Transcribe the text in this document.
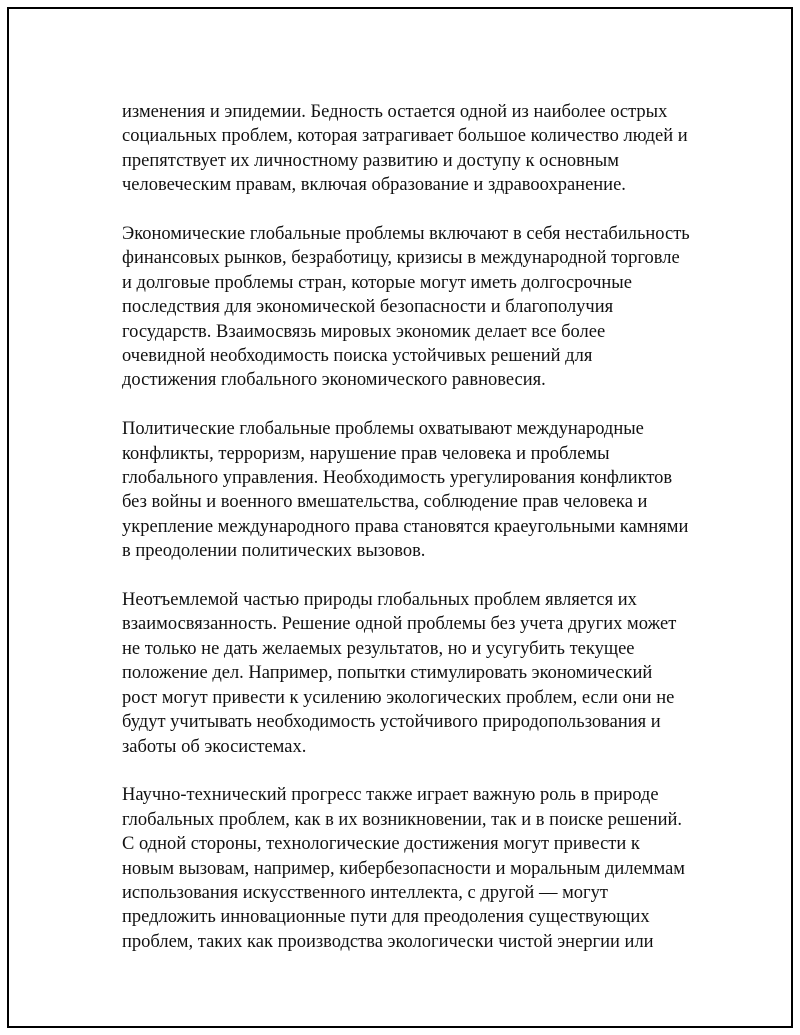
изменения и эпидемии. Бедность остается одной из наиболее острых
социальных проблем, которая затрагивает большое количество людей и
препятствует их личностному развитию и доступу к основным
человеческим правам, включая образование и здравоохранение.

Экономические глобальные проблемы включают в себя нестабильность
финансовых рынков, безработицу, кризисы в международной торговле
и долговые проблемы стран, которые могут иметь долгосрочные
последствия для экономической безопасности и благополучия
государств. Взаимосвязь мировых экономик делает все более
очевидной необходимость поиска устойчивых решений для
достижения глобального экономического равновесия.

Политические глобальные проблемы охватывают международные
конфликты, терроризм, нарушение прав человека и проблемы
глобального управления. Необходимость урегулирования конфликтов
без войны и военного вмешательства, соблюдение прав человека и
укрепление международного права становятся краеугольными камнями
в преодолении политических вызовов.

Неотъемлемой частью природы глобальных проблем является их
взаимосвязанность. Решение одной проблемы без учета других может
не только не дать желаемых результатов, но и усугубить текущее
положение дел. Например, попытки стимулировать экономический
рост могут привести к усилению экологических проблем, если они не
будут учитывать необходимость устойчивого природопользования и
заботы об экосистемах.

Научно-технический прогресс также играет важную роль в природе
глобальных проблем, как в их возникновении, так и в поиске решений.
С одной стороны, технологические достижения могут привести к
новым вызовам, например, кибербезопасности и моральным дилеммам
использования искусственного интеллекта, с другой — могут
предложить инновационные пути для преодоления существующих
проблем, таких как производства экологически чистой энергии или
